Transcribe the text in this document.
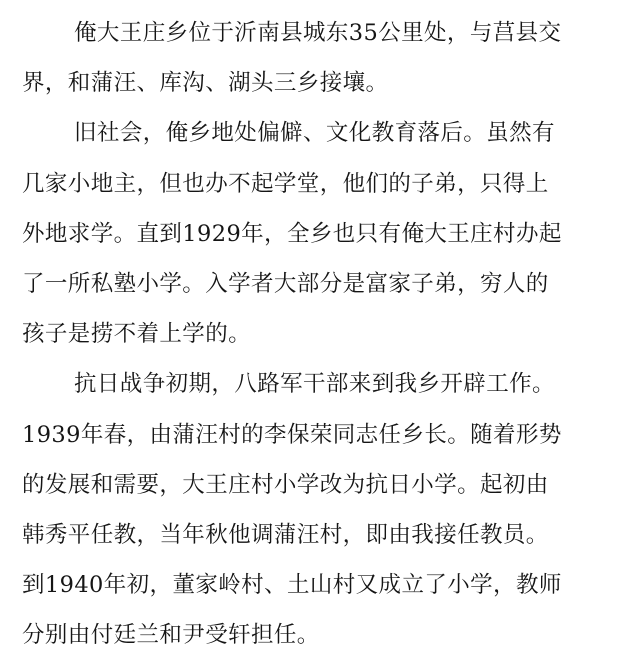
俺大王庄乡位于沂南县城东35公里处，与莒县交
界，和蒲汪、库沟、湖头三乡接壤。
旧社会，俺乡地处偏僻、文化教育落后。虽然有
几家小地主，但也办不起学堂，他们的子弟，只得上
外地求学。直到1929年，全乡也只有俺大王庄村办起
了一所私塾小学。入学者大部分是富家子弟，穷人的
孩子是捞不着上学的。
抗日战争初期，八路军干部来到我乡开辟工作。
1939年春，由蒲汪村的李保荣同志任乡长。随着形势
的发展和需要，大王庄村小学改为抗日小学。起初由
韩秀平任教，当年秋他调蒲汪村，即由我接任教员。
到1940年初，董家岭村、土山村又成立了小学，教师
分别由付廷兰和尹受轩担任。
